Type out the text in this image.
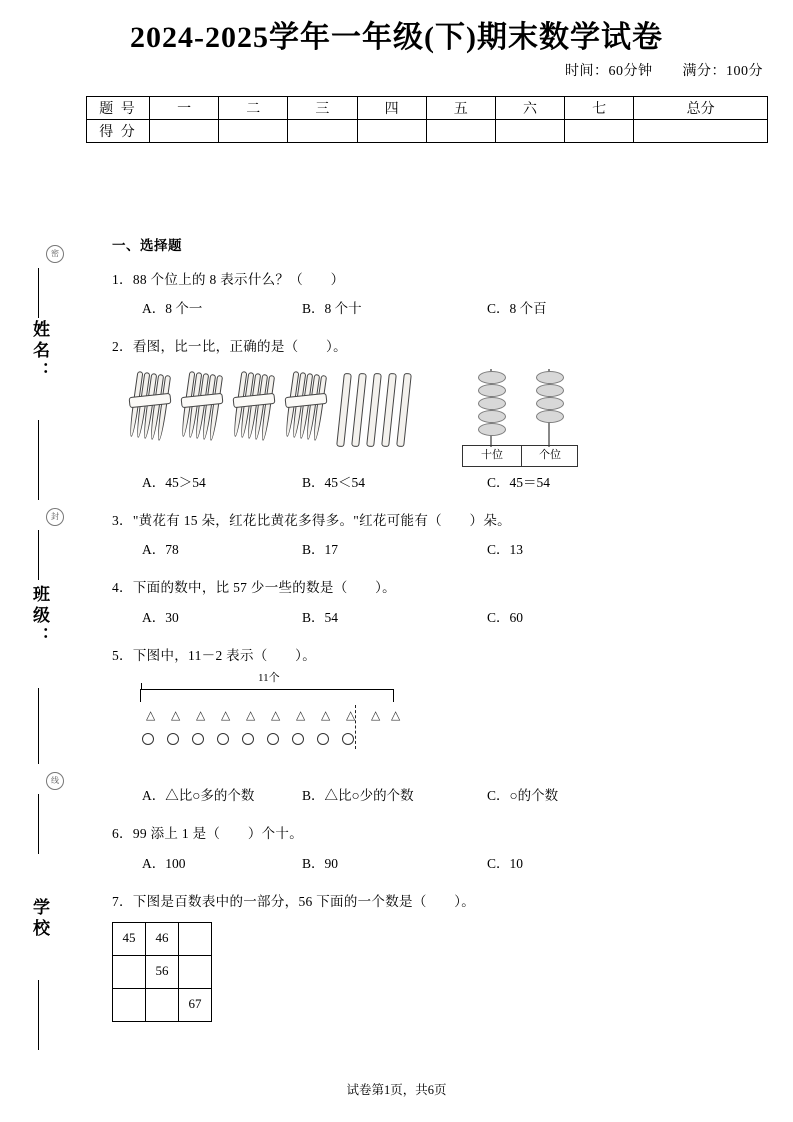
2024-2025学年一年级(下)期末数学试卷
时间：60分钟 满分：100分
题 号	一	二	三	四	五	六	七	总分
得 分								
密
姓名：
封
班级：
线
学校
一、选择题
1．88 个位上的 8 表示什么？（　　）
A．8 个一	B．8 个十	C．8 个百
2．看图，比一比，正确的是（　　）。
十位	个位
A．45＞54	B．45＜54	C．45＝54
3．"黄花有 15 朵，红花比黄花多得多。"红花可能有（　　）朵。
A．78	B．17	C．13
4．下面的数中，比 57 少一些的数是（　　）。
A．30	B．54	C．60
5．下图中，11－2 表示（　　）。
11个
△
△
△
△
△
△
△
△
△
△
△
A．△比○多的个数	B．△比○少的个数	C．○的个数
6．99 添上 1 是（　　）个十。
A．100	B．90	C．10
7．下图是百数表中的一部分，56 下面的一个数是（　　）。
45	46	
	56	
		67
试卷第1页，共6页
